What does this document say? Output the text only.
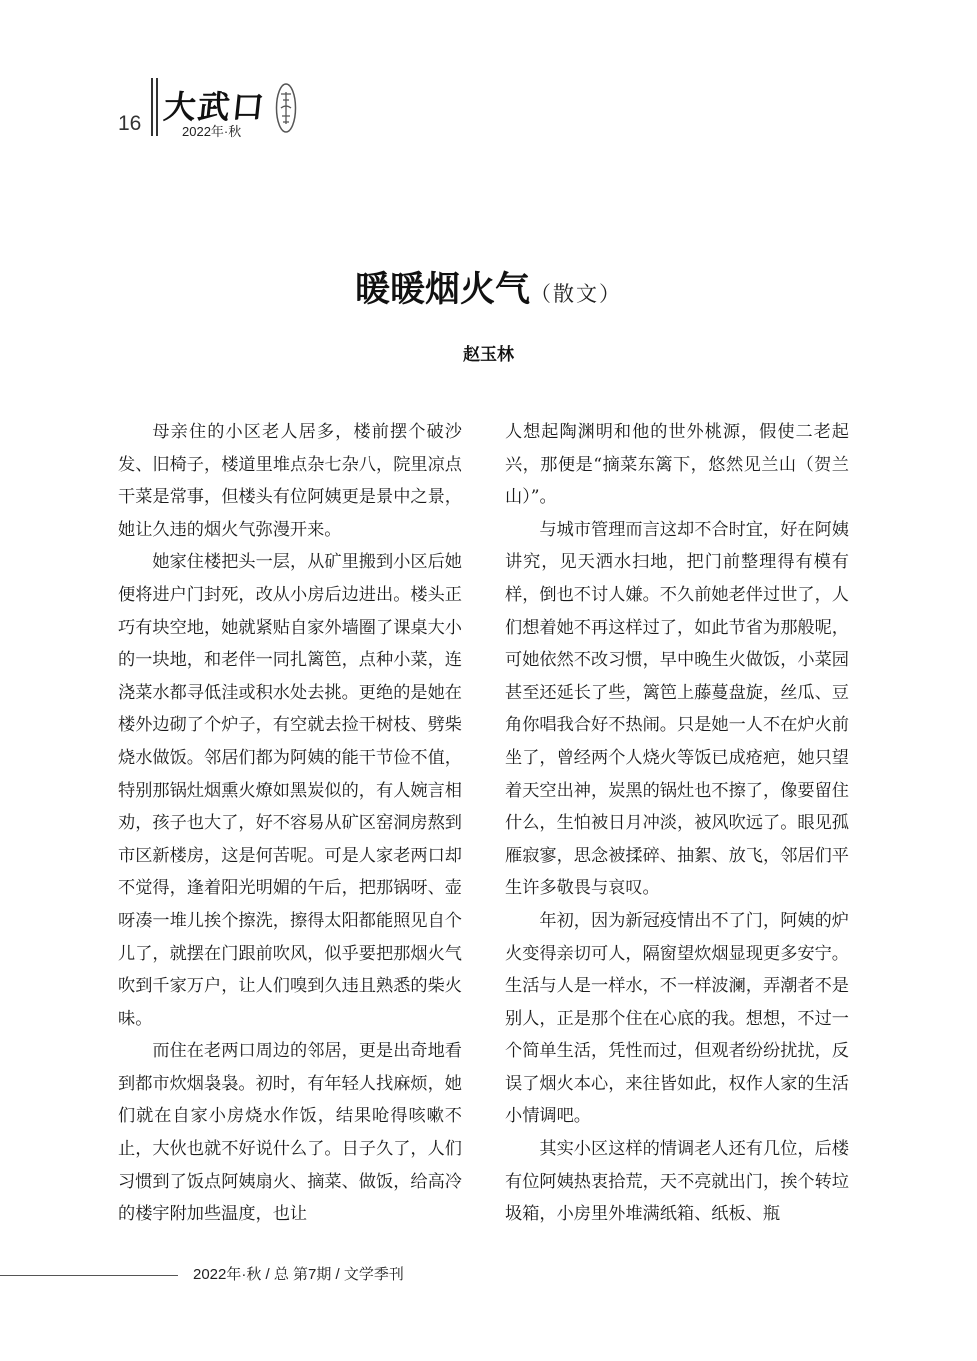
16 大武口
2022年·秋
暖暖烟火气（散文）
赵玉林

母亲住的小区老人居多，楼前摆个破沙发、旧椅子，楼道里堆点杂七杂八，院里凉点干菜是常事，但楼头有位阿姨更是景中之景，她让久违的烟火气弥漫开来。

她家住楼把头一层，从矿里搬到小区后她便将进户门封死，改从小房后边进出。楼头正巧有块空地，她就紧贴自家外墙圈了课桌大小的一块地，和老伴一同扎篱笆，点种小菜，连浇菜水都寻低洼或积水处去挑。更绝的是她在楼外边砌了个炉子，有空就去捡干树枝、劈柴烧水做饭。邻居们都为阿姨的能干节俭不值，特别那锅灶烟熏火燎如黑炭似的，有人婉言相劝，孩子也大了，好不容易从矿区窑洞房熬到市区新楼房，这是何苦呢。可是人家老两口却不觉得，逢着阳光明媚的午后，把那锅呀、壶呀凑一堆儿挨个擦洗，擦得太阳都能照见自个儿了，就摆在门跟前吹风，似乎要把那烟火气吹到千家万户，让人们嗅到久违且熟悉的柴火味。

而住在老两口周边的邻居，更是出奇地看到都市炊烟袅袅。初时，有年轻人找麻烦，她们就在自家小房烧水作饭，结果呛得咳嗽不止，大伙也就不好说什么了。日子久了，人们习惯到了饭点阿姨扇火、摘菜、做饭，给高冷的楼宇附加些温度，也让

人想起陶渊明和他的世外桃源，假使二老起兴，那便是“摘菜东篱下，悠然见兰山（贺兰山）”。

与城市管理而言这却不合时宜，好在阿姨讲究，见天洒水扫地，把门前整理得有模有样，倒也不讨人嫌。不久前她老伴过世了，人们想着她不再这样过了，如此节省为那般呢，可她依然不改习惯，早中晚生火做饭，小菜园甚至还延长了些，篱笆上藤蔓盘旋，丝瓜、豆角你唱我合好不热闹。只是她一人不在炉火前坐了，曾经两个人烧火等饭已成疮疤，她只望着天空出神，炭黑的锅灶也不擦了，像要留住什么，生怕被日月冲淡，被风吹远了。眼见孤雁寂寥，思念被揉碎、抽絮、放飞，邻居们平生许多敬畏与哀叹。

年初，因为新冠疫情出不了门，阿姨的炉火变得亲切可人，隔窗望炊烟显现更多安宁。生活与人是一样水，不一样波澜，弄潮者不是别人，正是那个住在心底的我。想想，不过一个简单生活，凭性而过，但观者纷纷扰扰，反误了烟火本心，来往皆如此，权作人家的生活小情调吧。

其实小区这样的情调老人还有几位，后楼有位阿姨热衷拾荒，天不亮就出门，挨个转垃圾箱，小房里外堆满纸箱、纸板、瓶

2022年·秋 / 总 第7期 / 文学季刊
